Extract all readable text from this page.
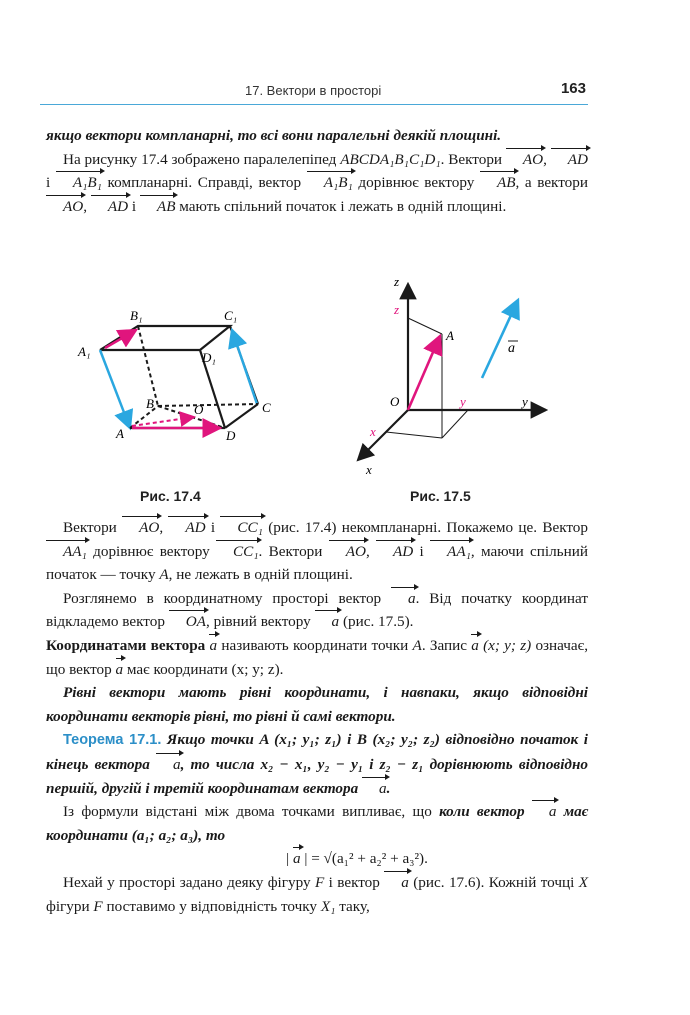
17. Вектори в просторі	163

якщо вектори компланарні, то всі вони паралельні деякій площині.

На рисунку 17.4 зображено паралелепіпед ABCDA₁B₁C₁D₁. Вектори AO, AD і A₁B₁ компланарні. Справді, вектор A₁B₁ дорівнює вектору AB, а вектори AO, AD і AB мають спільний початок і лежать в одній площині.

A₁
B₁	C₁
D₁
A
B	C
D
O
Рис. 17.4
z
z
A
O	y	y
x
x
a
Рис. 17.5

Вектори AO, AD і CC₁ (рис. 17.4) некомпланарні. Покажемо це. Вектор AA₁ дорівнює вектору CC₁. Вектори AO, AD і AA₁, маючи спільний початок — точку A, не лежать в одній площині.

Розглянемо в координатному просторі вектор a. Від початку координат відкладемо вектор OA, рівний вектору a (рис. 17.5).

Координатами вектора a називають координати точки A. Запис a (x; y; z) означає, що вектор a має координати (x; y; z).

Рівні вектори мають рівні координати, і навпаки, якщо відповідні координати векторів рівні, то рівні й самі вектори.

Теорема 17.1. Якщо точки A (x₁; y₁; z₁) і B (x₂; y₂; z₂) відповідно початок і кінець вектора a, то числа x₂ − x₁, y₂ − y₁ і z₂ − z₁ дорівнюють відповідно першій, другій і третій координатам вектора a.

Із формули відстані між двома точками випливає, що коли вектор a має координати (a₁; a₂; a₃), то

| a | = √(a₁² + a₂² + a₃²).

Нехай у просторі задано деяку фігуру F і вектор a (рис. 17.6). Кожній точці X фігури F поставимо у відповідність точку X₁ таку,
